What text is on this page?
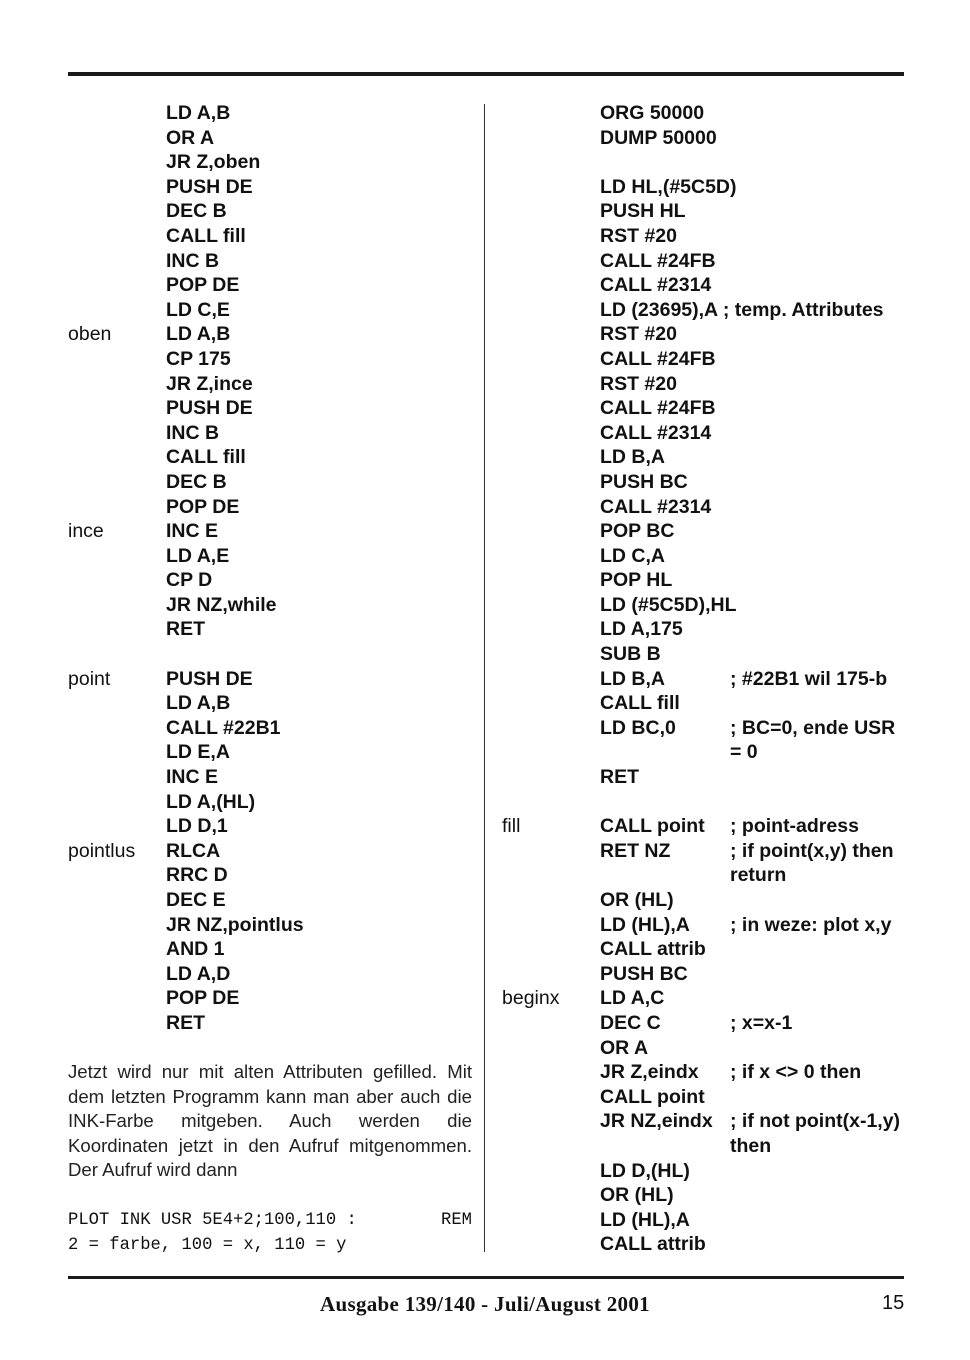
LD A,B
OR A
JR Z,oben
PUSH DE
DEC B
CALL fill
INC B
POP DE
LD C,E
oben	LD A,B
CP 175
JR Z,ince
PUSH DE
INC B
CALL fill
DEC B
POP DE
ince	INC E
LD A,E
CP D
JR NZ,while
RET
point	PUSH DE
LD A,B
CALL #22B1
LD E,A
INC E
LD A,(HL)
LD D,1
pointlus RLCA
RRC D
DEC E
JR NZ,pointlus
AND 1
LD A,D
POP DE
RET
ORG 50000
DUMP 50000
LD HL,(#5C5D)
PUSH HL
RST #20
CALL #24FB
CALL #2314
LD (23695),A ; temp. Attributes
RST #20
CALL #24FB
RST #20
CALL #24FB
CALL #2314
LD B,A
PUSH BC
CALL #2314
POP BC
LD C,A
POP HL
LD (#5C5D),HL
LD A,175
SUB B
LD B,A	; #22B1 wil 175-b
CALL fill
LD BC,0	; BC=0, ende USR
= 0
RET
fill	CALL point ; point-adress
RET NZ	; if point(x,y) then
return
OR (HL)
LD (HL),A ; in weze: plot x,y
CALL attrib
PUSH BC
beginx LD A,C
DEC C	; x=x-1
OR A
JR Z,eindx ; if x <> 0 then
CALL point
JR NZ,eindx ; if not point(x-1,y)
then
LD D,(HL)
OR (HL)
LD (HL),A
CALL attrib
Jetzt wird nur mit alten Attributen gefilled. Mit dem letzten Programm kann man aber auch die INK-Farbe mitgeben. Auch werden die Koordinaten jetzt in den Aufruf mitgenommen. Der Aufruf wird dann
PLOT INK USR 5E4+2;100,110 :	REM
2 = farbe, 100 = x, 110 = y
Ausgabe 139/140 - Juli/August 2001	15
